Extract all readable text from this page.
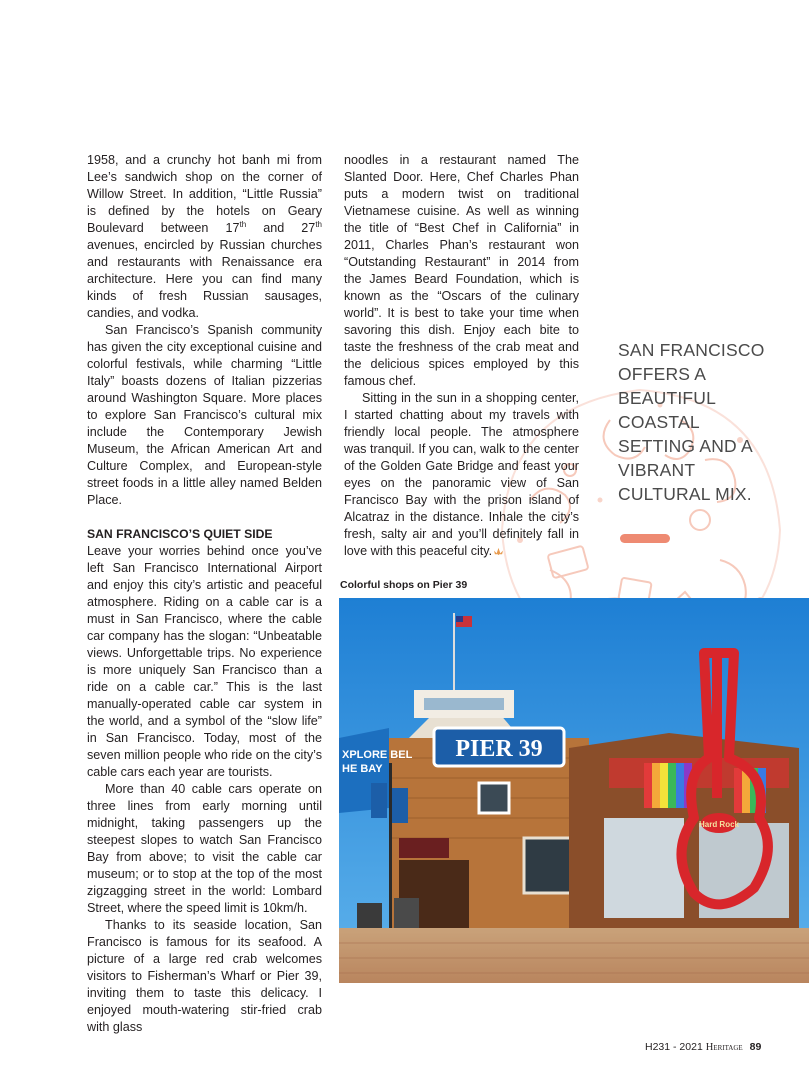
1958, and a crunchy hot banh mi from Lee’s sandwich shop on the corner of Willow Street. In addition, “Little Russia” is defined by the hotels on Geary Boulevard between 17th and 27th avenues, encircled by Russian churches and restaurants with Renaissance era architecture. Here you can find many kinds of fresh Russian sausages, candies, and vodka.

San Francisco’s Spanish community has given the city exceptional cuisine and colorful festivals, while charming “Little Italy” boasts dozens of Italian pizzerias around Washington Square. More places to explore San Francisco’s cultural mix include the Contemporary Jewish Museum, the African American Art and Culture Complex, and European-style street foods in a little alley named Belden Place.

SAN FRANCISCO’S QUIET SIDE

Leave your worries behind once you’ve left San Francisco International Airport and enjoy this city’s artistic and peaceful atmosphere. Riding on a cable car is a must in San Francisco, where the cable car company has the slogan: “Unbeatable views. Unforgettable trips. No experience is more uniquely San Francisco than a ride on a cable car.” This is the last manually-operated cable car system in the world, and a symbol of the “slow life” in San Francisco. Today, most of the seven million people who ride on the city’s cable cars each year are tourists.

More than 40 cable cars operate on three lines from early morning until midnight, taking passengers up the steepest slopes to watch San Francisco Bay from above; to visit the cable car museum; or to stop at the top of the most zigzagging street in the world: Lombard Street, where the speed limit is 10km/h.

Thanks to its seaside location, San Francisco is famous for its seafood. A picture of a large red crab welcomes visitors to Fisherman’s Wharf or Pier 39, inviting them to taste this delicacy. I enjoyed mouth-watering stir-fried crab with glass

noodles in a restaurant named The Slanted Door. Here, Chef Charles Phan puts a modern twist on traditional Vietnamese cuisine. As well as winning the title of “Best Chef in California” in 2011, Charles Phan’s restaurant won “Outstanding Restaurant” in 2014 from the James Beard Foundation, which is known as the “Oscars of the culinary world”. It is best to take your time when savoring this dish. Enjoy each bite to taste the freshness of the crab meat and the delicious spices employed by this famous chef.

Sitting in the sun in a shopping center, I started chatting about my travels with friendly local people. The atmosphere was tranquil. If you can, walk to the center of the Golden Gate Bridge and feast your eyes on the panoramic view of San Francisco Bay with the prison island of Alcatraz in the distance. Inhale the city’s fresh, salty air and you’ll definitely fall in love with this peaceful city.

SAN FRANCISCO OFFERS A BEAUTIFUL COASTAL SETTING AND A VIBRANT CULTURAL MIX.
Colorful shops on Pier 39
PIER 39
XPLORE BEL
HE BAY
Hard Rock
H231 - 2021 Heritage 89
